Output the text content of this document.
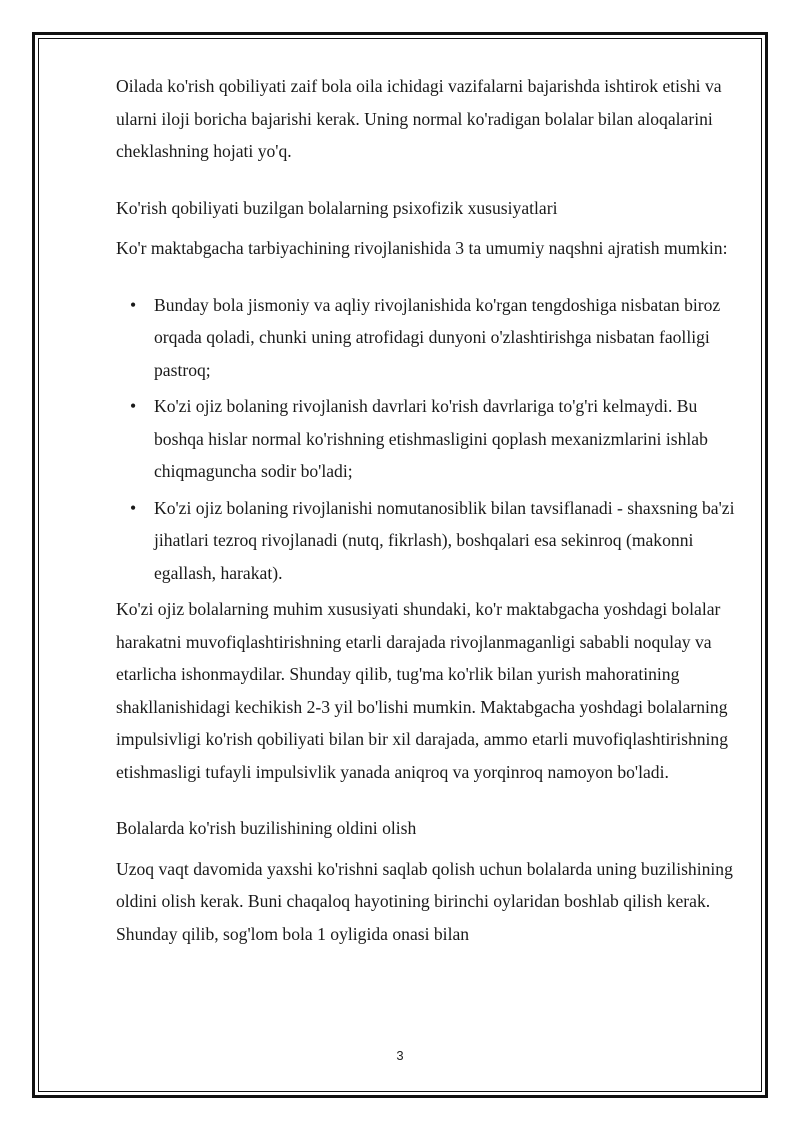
Oilada ko'rish qobiliyati zaif bola oila ichidagi vazifalarni bajarishda ishtirok etishi va ularni iloji boricha bajarishi kerak. Uning normal ko'radigan bolalar bilan aloqalarini cheklashning hojati yo'q.

Ko'rish qobiliyati buzilgan bolalarning psixofizik xususiyatlari

Ko'r maktabgacha tarbiyachining rivojlanishida 3 ta umumiy naqshni ajratish mumkin:

• Bunday bola jismoniy va aqliy rivojlanishida ko'rgan tengdoshiga nisbatan biroz orqada qoladi, chunki uning atrofidagi dunyoni o'zlashtirishga nisbatan faolligi pastroq;
• Ko'zi ojiz bolaning rivojlanish davrlari ko'rish davrlariga to'g'ri kelmaydi. Bu boshqa hislar normal ko'rishning etishmasligini qoplash mexanizmlarini ishlab chiqmaguncha sodir bo'ladi;
• Ko'zi ojiz bolaning rivojlanishi nomutanosiblik bilan tavsiflanadi - shaxsning ba'zi jihatlari tezroq rivojlanadi (nutq, fikrlash), boshqalari esa sekinroq (makonni egallash, harakat).

Ko'zi ojiz bolalarning muhim xususiyati shundaki, ko'r maktabgacha yoshdagi bolalar harakatni muvofiqlashtirishning etarli darajada rivojlanmaganligi sababli noqulay va etarlicha ishonmaydilar. Shunday qilib, tug'ma ko'rlik bilan yurish mahoratining shakllanishidagi kechikish 2-3 yil bo'lishi mumkin. Maktabgacha yoshdagi bolalarning impulsivligi ko'rish qobiliyati bilan bir xil darajada, ammo etarli muvofiqlashtirishning etishmasligi tufayli impulsivlik yanada aniqroq va yorqinroq namoyon bo'ladi.

Bolalarda ko'rish buzilishining oldini olish

Uzoq vaqt davomida yaxshi ko'rishni saqlab qolish uchun bolalarda uning buzilishining oldini olish kerak. Buni chaqaloq hayotining birinchi oylaridan boshlab qilish kerak. Shunday qilib, sog'lom bola 1 oyligida onasi bilan

3
